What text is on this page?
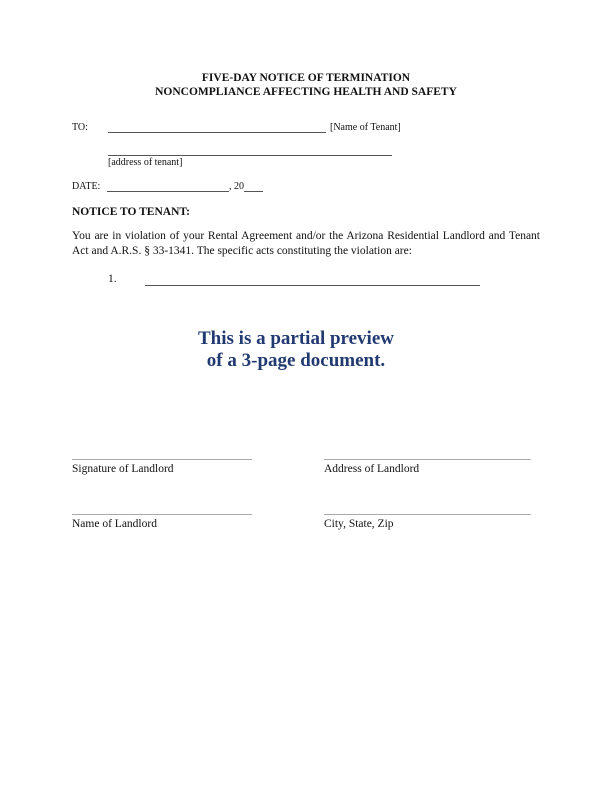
FIVE-DAY NOTICE OF TERMINATION
NONCOMPLIANCE AFFECTING HEALTH AND SAFETY
TO:	[Name of Tenant]
[address of tenant]
DATE:	, 20
NOTICE TO TENANT:
You are in violation of your Rental Agreement and/or the Arizona Residential Landlord and Tenant Act and A.R.S. § 33-1341. The specific acts constituting the violation are:
1.
This is a partial preview
of a 3-page document.
Signature of Landlord	Address of Landlord
Name of Landlord	City, State, Zip
